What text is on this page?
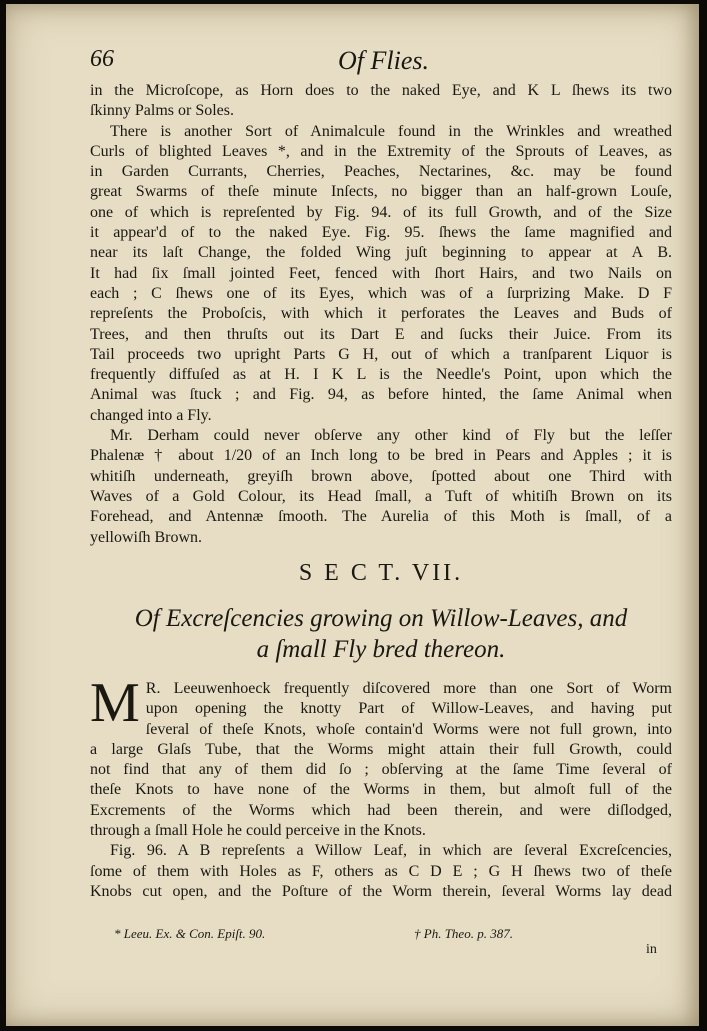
66	Of Flies.
in the Microſcope, as Horn does to the naked Eye, and K L ſhews its two
ſkinny Palms or Soles.
There is another Sort of Animalcule found in the Wrinkles and wreathed
Curls of blighted Leaves *, and in the Extremity of the Sprouts of Leaves, as
in Garden Currants, Cherries, Peaches, Nectarines, &c. may be found
great Swarms of theſe minute Inſects, no bigger than an half-grown Louſe,
one of which is repreſented by Fig. 94. of its full Growth, and of the Size
it appear'd of to the naked Eye. Fig. 95. ſhews the ſame magnified and
near its laſt Change, the folded Wing juſt beginning to appear at A B.
It had ſix ſmall jointed Feet, fenced with ſhort Hairs, and two Nails on
each ; C ſhews one of its Eyes, which was of a ſurprizing Make. D F
repreſents the Proboſcis, with which it perforates the Leaves and Buds of
Trees, and then thruſts out its Dart E and ſucks their Juice. From its
Tail proceeds two upright Parts G H, out of which a tranſparent Liquor is
frequently diffuſed as at H. I K L is the Needle's Point, upon which the
Animal was ſtuck ; and Fig. 94, as before hinted, the ſame Animal when
changed into a Fly.
Mr. Derham could never obſerve any other kind of Fly but the leſſer
Phalenæ † about 1/20 of an Inch long to be bred in Pears and Apples ; it is
whitiſh underneath, greyiſh brown above, ſpotted about one Third with
Waves of a Gold Colour, its Head ſmall, a Tuft of whitiſh Brown on its
Forehead, and Antennæ ſmooth. The Aurelia of this Moth is ſmall, of a
yellowiſh Brown.
S E C T. VII.
Of Excreſcencies growing on Willow-Leaves, and
a ſmall Fly bred thereon.
M R. Leeuwenhoeck frequently diſcovered more than one Sort of Worm
upon opening the knotty Part of Willow-Leaves, and having put
ſeveral of theſe Knots, whoſe contain'd Worms were not full grown, into
a large Glaſs Tube, that the Worms might attain their full Growth, could
not find that any of them did ſo ; obſerving at the ſame Time ſeveral of
theſe Knots to have none of the Worms in them, but almoſt full of the
Excrements of the Worms which had been therein, and were diſlodged,
through a ſmall Hole he could perceive in the Knots.
Fig. 96. A B repreſents a Willow Leaf, in which are ſeveral Excreſcencies,
ſome of them with Holes as F, others as C D E ; G H ſhews two of theſe
Knobs cut open, and the Poſture of the Worm therein, ſeveral Worms lay dead
* Leeu. Ex. & Con. Epiſt. 90.	† Ph. Theo. p. 387.
in
